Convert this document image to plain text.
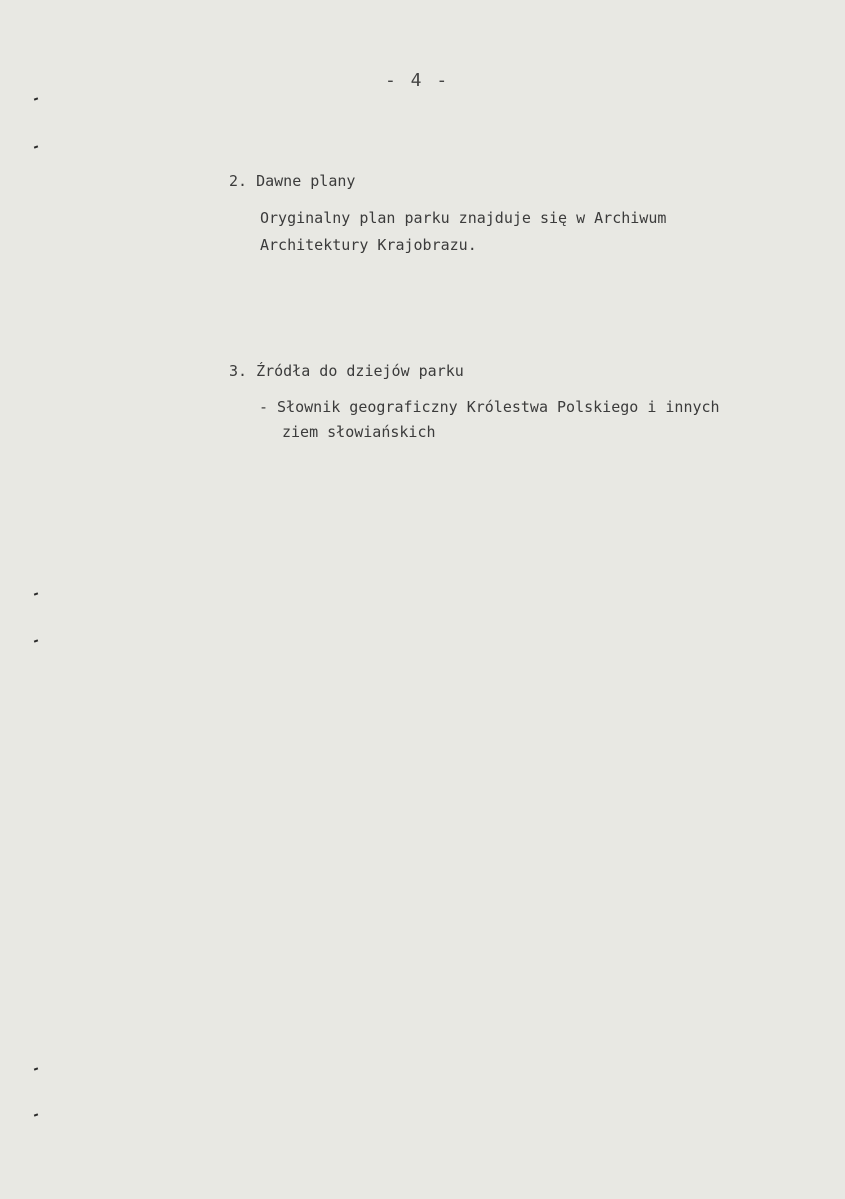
- 4 -
2. Dawne plany
Oryginalny plan parku znajduje się w Archiwum
Architektury Krajobrazu.
3. Źródła do dziejów parku
- Słownik geograficzny Królestwa Polskiego i innych
ziem słowiańskich
